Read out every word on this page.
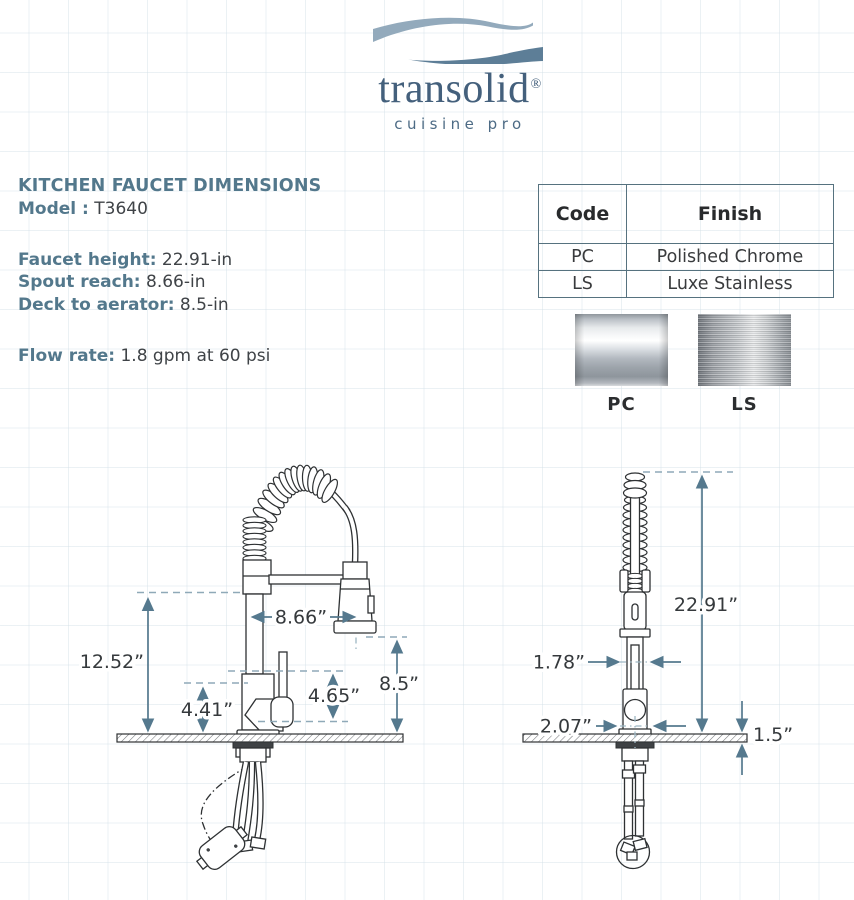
transolid®
cuisine pro
KITCHEN FAUCET DIMENSIONS
Model : T3640
Faucet height: 22.91-in
Spout reach: 8.66-in
Deck to aerator: 8.5-in
Flow rate: 1.8 gpm at 60 psi
Code	Finish
PC	Polished Chrome
LS	Luxe Stainless
PC	LS
12.52”
4.41”
8.66”
4.65”
8.5”
22.91”
1.78”
2.07”	1.5”
